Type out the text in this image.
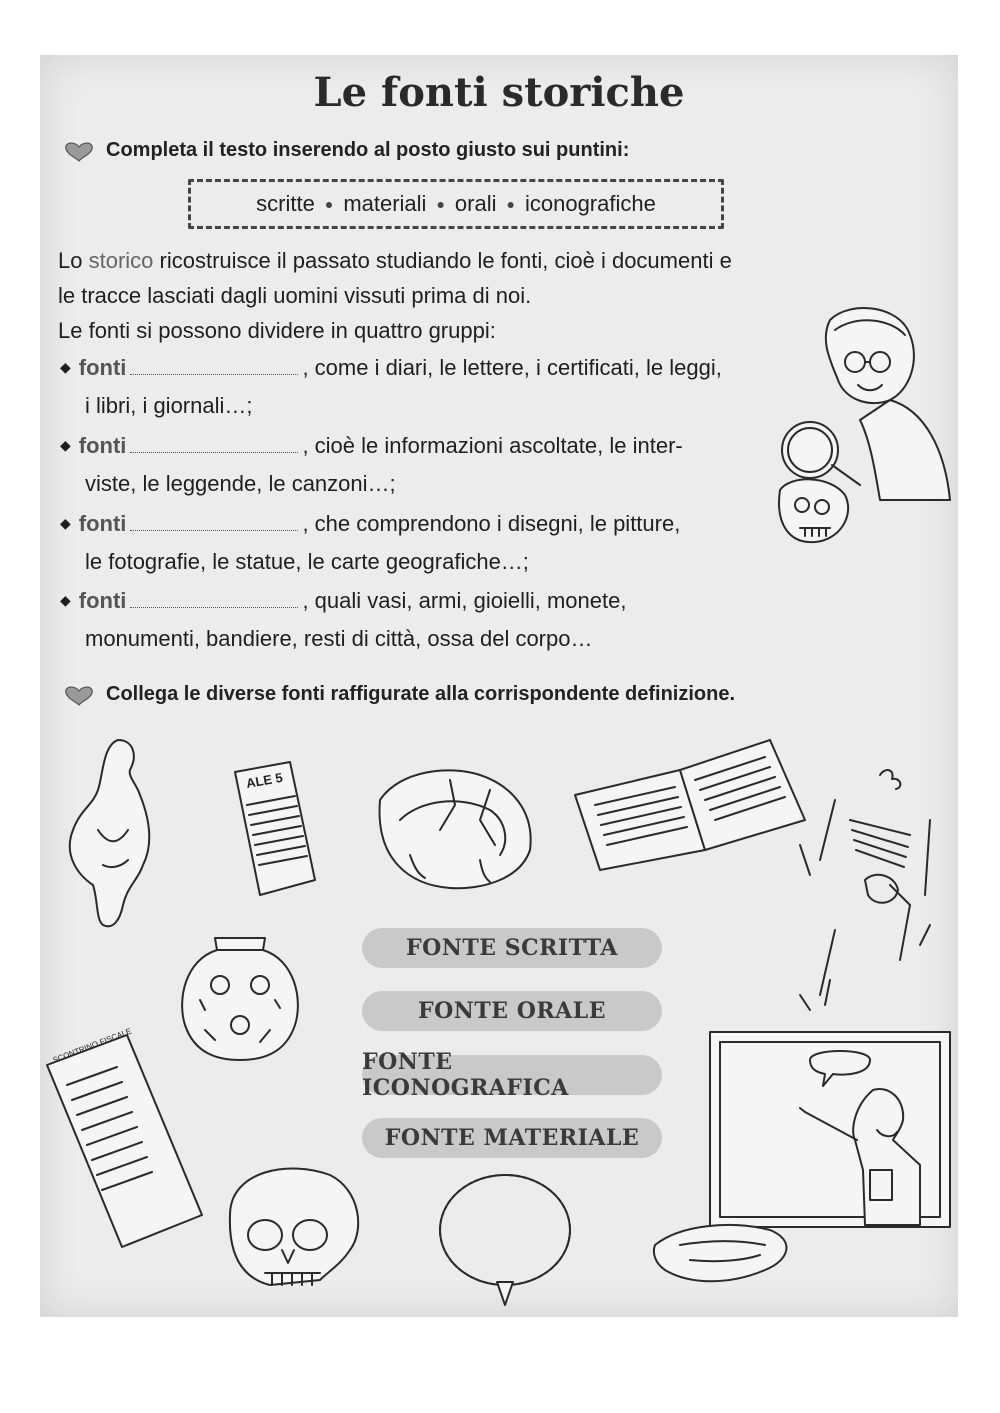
Le fonti storiche
Completa il testo inserendo al posto giusto sui puntini:
scritte ● materiali ● orali ● iconografiche
Lo storico ricostruisce il passato studiando le fonti, cioè i documenti e
le tracce lasciati dagli uomini vissuti prima di noi.
Le fonti si possono dividere in quattro gruppi:
◆ fonti	, come i diari, le lettere, i certificati, le leggi,
i libri, i giornali…;
◆ fonti	, cioè le informazioni ascoltate, le inter-
viste, le leggende, le canzoni…;
◆ fonti	, che comprendono i disegni, le pitture,
le fotografie, le statue, le carte geografiche…;
◆ fonti	, quali vasi, armi, gioielli, monete,
monumenti, bandiere, resti di città, ossa del corpo…
Collega le diverse fonti raffigurate alla corrispondente definizione.
ALE 5
SCONTRINO FISCALE
FONTE SCRITTA
FONTE ORALE
FONTE ICONOGRAFICA
FONTE MATERIALE
